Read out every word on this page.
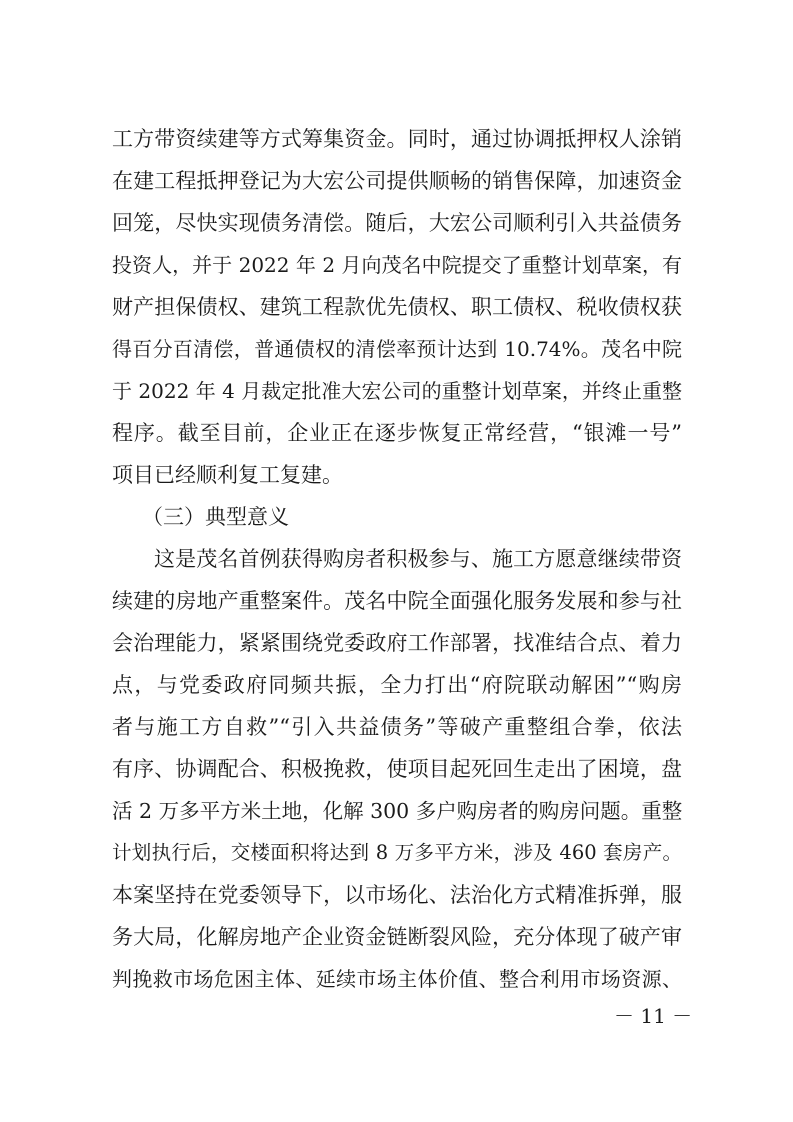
工方带资续建等方式筹集资金。同时，通过协调抵押权人涂销
在建工程抵押登记为大宏公司提供顺畅的销售保障，加速资金
回笼，尽快实现债务清偿。随后，大宏公司顺利引入共益债务
投资人，并于 2022 年 2 月向茂名中院提交了重整计划草案，有
财产担保债权、建筑工程款优先债权、职工债权、税收债权获
得百分百清偿，普通债权的清偿率预计达到 10.74%。茂名中院
于 2022 年 4 月裁定批准大宏公司的重整计划草案，并终止重整
程序。截至目前，企业正在逐步恢复正常经营，“银滩一号”
项目已经顺利复工复建。
（三）典型意义
这是茂名首例获得购房者积极参与、施工方愿意继续带资
续建的房地产重整案件。茂名中院全面强化服务发展和参与社
会治理能力，紧紧围绕党委政府工作部署，找准结合点、着力
点，与党委政府同频共振，全力打出“府院联动解困”“购房
者与施工方自救”“引入共益债务”等破产重整组合拳，依法
有序、协调配合、积极挽救，使项目起死回生走出了困境，盘
活 2 万多平方米土地，化解 300 多户购房者的购房问题。重整
计划执行后，交楼面积将达到 8 万多平方米，涉及 460 套房产。
本案坚持在党委领导下，以市场化、法治化方式精准拆弹，服
务大局，化解房地产企业资金链断裂风险，充分体现了破产审
判挽救市场危困主体、延续市场主体价值、整合利用市场资源、
－ 11 －
